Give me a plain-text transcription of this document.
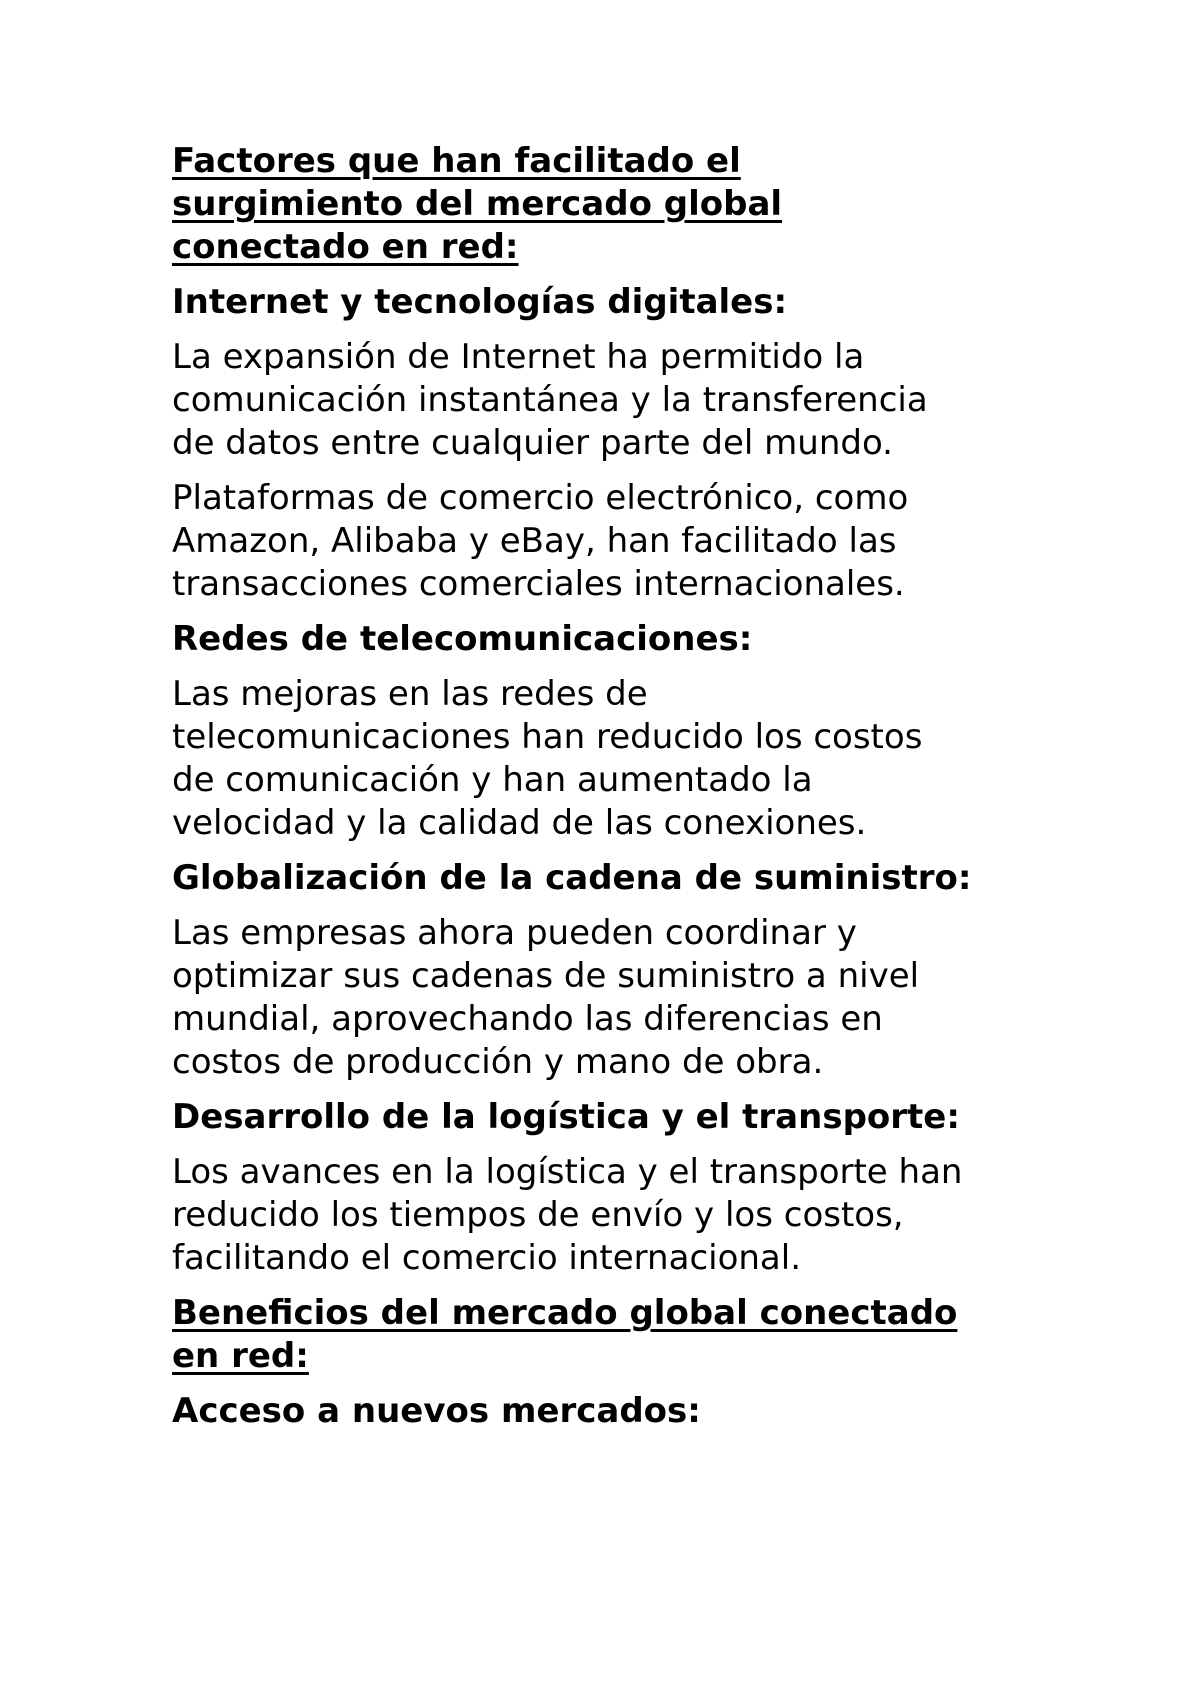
Factores que han facilitado el
surgimiento del mercado global
conectado en red:
Internet y tecnologías digitales:
La expansión de Internet ha permitido la
comunicación instantánea y la transferencia
de datos entre cualquier parte del mundo.
Plataformas de comercio electrónico, como
Amazon, Alibaba y eBay, han facilitado las
transacciones comerciales internacionales.
Redes de telecomunicaciones:
Las mejoras en las redes de
telecomunicaciones han reducido los costos
de comunicación y han aumentado la
velocidad y la calidad de las conexiones.
Globalización de la cadena de suministro:
Las empresas ahora pueden coordinar y
optimizar sus cadenas de suministro a nivel
mundial, aprovechando las diferencias en
costos de producción y mano de obra.
Desarrollo de la logística y el transporte:
Los avances en la logística y el transporte han
reducido los tiempos de envío y los costos,
facilitando el comercio internacional.
Beneficios del mercado global conectado
en red:
Acceso a nuevos mercados:
